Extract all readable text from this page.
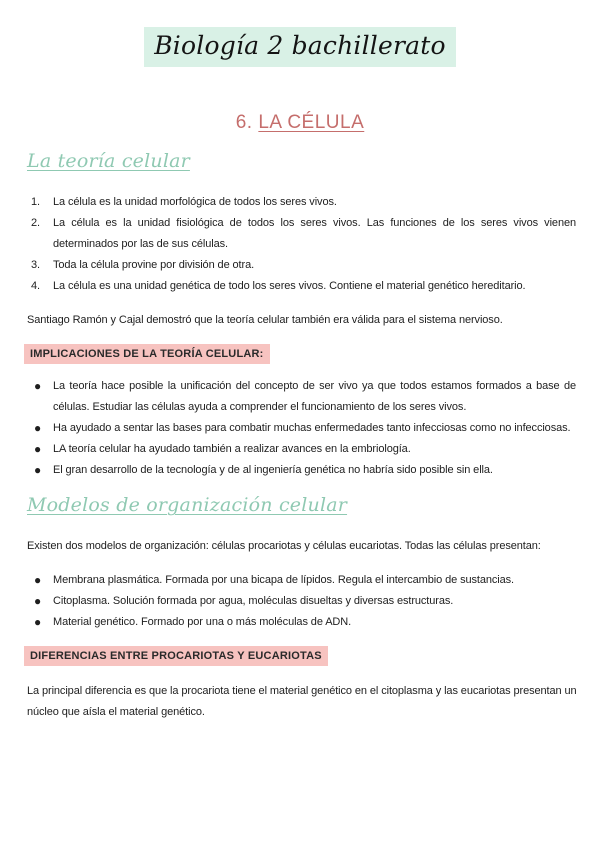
Biología 2 bachillerato
6. LA CÉLULA
La teoría celular
1. La célula es la unidad morfológica de todos los seres vivos.
2. La célula es la unidad fisiológica de todos los seres vivos. Las funciones de los seres vivos vienen determinados por las de sus células.
3. Toda la célula provine por división de otra.
4. La célula es una unidad genética de todo los seres vivos. Contiene el material genético hereditario.

Santiago Ramón y Cajal demostró que la teoría celular también era válida para el sistema nervioso.

IMPLICACIONES DE LA TEORÍA CELULAR:
● La teoría hace posible la unificación del concepto de ser vivo ya que todos estamos formados a base de células. Estudiar las células ayuda a comprender el funcionamiento de los seres vivos.
● Ha ayudado a sentar las bases para combatir muchas enfermedades tanto infecciosas como no infecciosas.
● LA teoría celular ha ayudado también a realizar avances en la embriología.
● El gran desarrollo de la tecnología y de al ingeniería genética no habría sido posible sin ella.
Modelos de organización celular

Existen dos modelos de organización: células procariotas y células eucariotas. Todas las células presentan:

● Membrana plasmática. Formada por una bicapa de lípidos. Regula el intercambio de sustancias.
● Citoplasma. Solución formada por agua, moléculas disueltas y diversas estructuras.
● Material genético. Formado por una o más moléculas de ADN.
DIFERENCIAS ENTRE PROCARIOTAS Y EUCARIOTAS

La principal diferencia es que la procariota tiene el material genético en el citoplasma y las eucariotas presentan un núcleo que aísla el material genético.
